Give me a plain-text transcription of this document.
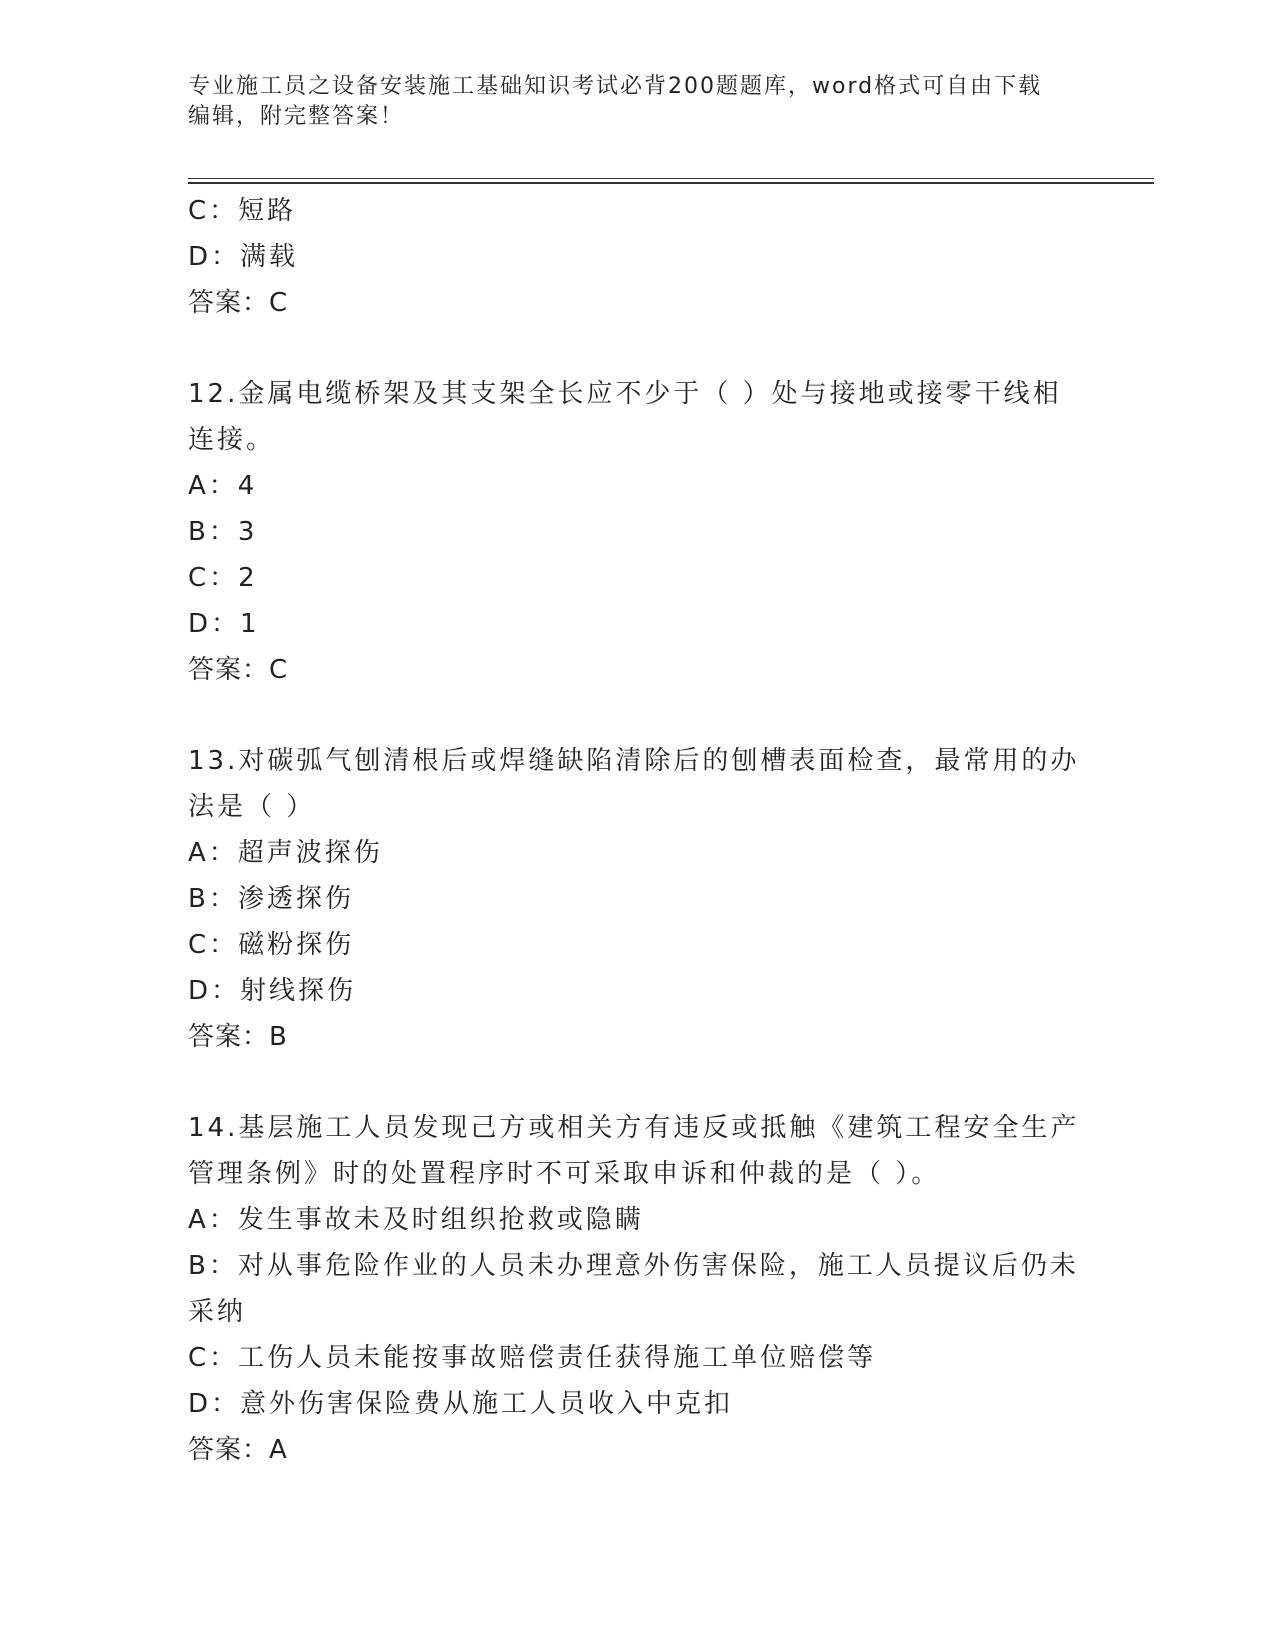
专业施工员之设备安装施工基础知识考试必背200题题库，word格式可自由下载
编辑，附完整答案！
C：短路
D：满载
答案：C
12.金属电缆桥架及其支架全长应不少于（ ）处与接地或接零干线相
连接。
A：4
B：3
C：2
D：1
答案：C
13.对碳弧气刨清根后或焊缝缺陷清除后的刨槽表面检查，最常用的办
法是（ ）
A：超声波探伤
B：渗透探伤
C：磁粉探伤
D：射线探伤
答案：B
14.基层施工人员发现己方或相关方有违反或抵触《建筑工程安全生产
管理条例》时的处置程序时不可采取申诉和仲裁的是（ ）。
A：发生事故未及时组织抢救或隐瞒
B：对从事危险作业的人员未办理意外伤害保险，施工人员提议后仍未
采纳
C：工伤人员未能按事故赔偿责任获得施工单位赔偿等
D：意外伤害保险费从施工人员收入中克扣
答案：A
